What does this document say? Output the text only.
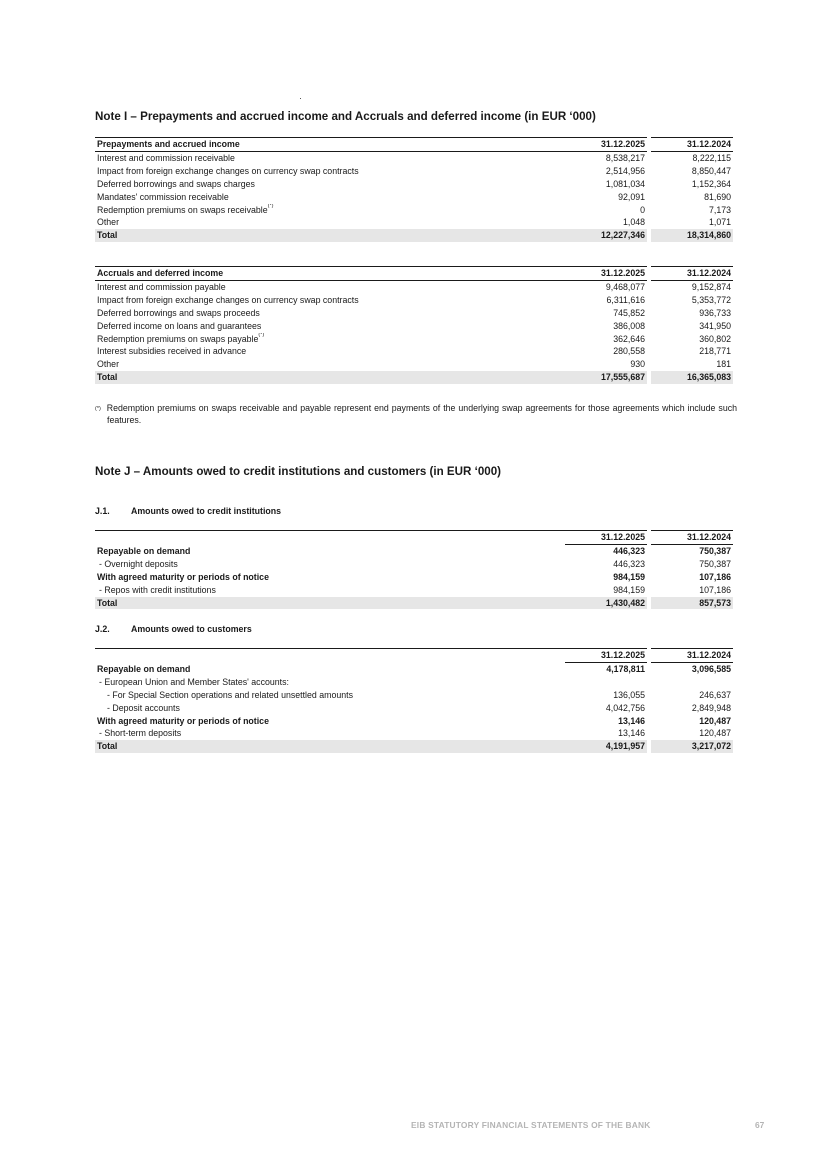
Note I – Prepayments and accrued income and Accruals and deferred income (in EUR ‘000)
Prepayments and accrued income	31.12.2025		31.12.2024
Interest and commission receivable	8,538,217		8,222,115
Impact from foreign exchange changes on currency swap contracts	2,514,956		8,850,447
Deferred borrowings and swaps charges	1,081,034		1,152,364
Mandates' commission receivable	92,091		81,690
Redemption premiums on swaps receivable(*)	0		7,173
Other	1,048		1,071
Total	12,227,346		18,314,860
Accruals and deferred income	31.12.2025		31.12.2024
Interest and commission payable	9,468,077		9,152,874
Impact from foreign exchange changes on currency swap contracts	6,311,616		5,353,772
Deferred borrowings and swaps proceeds	745,852		936,733
Deferred income on loans and guarantees	386,008		341,950
Redemption premiums on swaps payable(*)	362,646		360,802
Interest subsidies received in advance	280,558		218,771
Other	930		181
Total	17,555,687		16,365,083

(*) Redemption premiums on swaps receivable and payable represent end payments of the underlying swap agreements for those agreements which include such features.

Note J – Amounts owed to credit institutions and customers (in EUR ‘000)
J.1. Amounts owed to credit institutions
	31.12.2025		31.12.2024
Repayable on demand	446,323		750,387
- Overnight deposits	446,323		750,387
With agreed maturity or periods of notice	984,159		107,186
- Repos with credit institutions	984,159		107,186
Total	1,430,482		857,573
J.2. Amounts owed to customers
	31.12.2025		31.12.2024
Repayable on demand	4,178,811		3,096,585
- European Union and Member States' accounts:			
- For Special Section operations and related unsettled amounts	136,055		246,637
- Deposit accounts	4,042,756		2,849,948
With agreed maturity or periods of notice	13,146		120,487
- Short-term deposits	13,146		120,487
Total	4,191,957		3,217,072
EIB STATUTORY FINANCIAL STATEMENTS OF THE BANK	67
